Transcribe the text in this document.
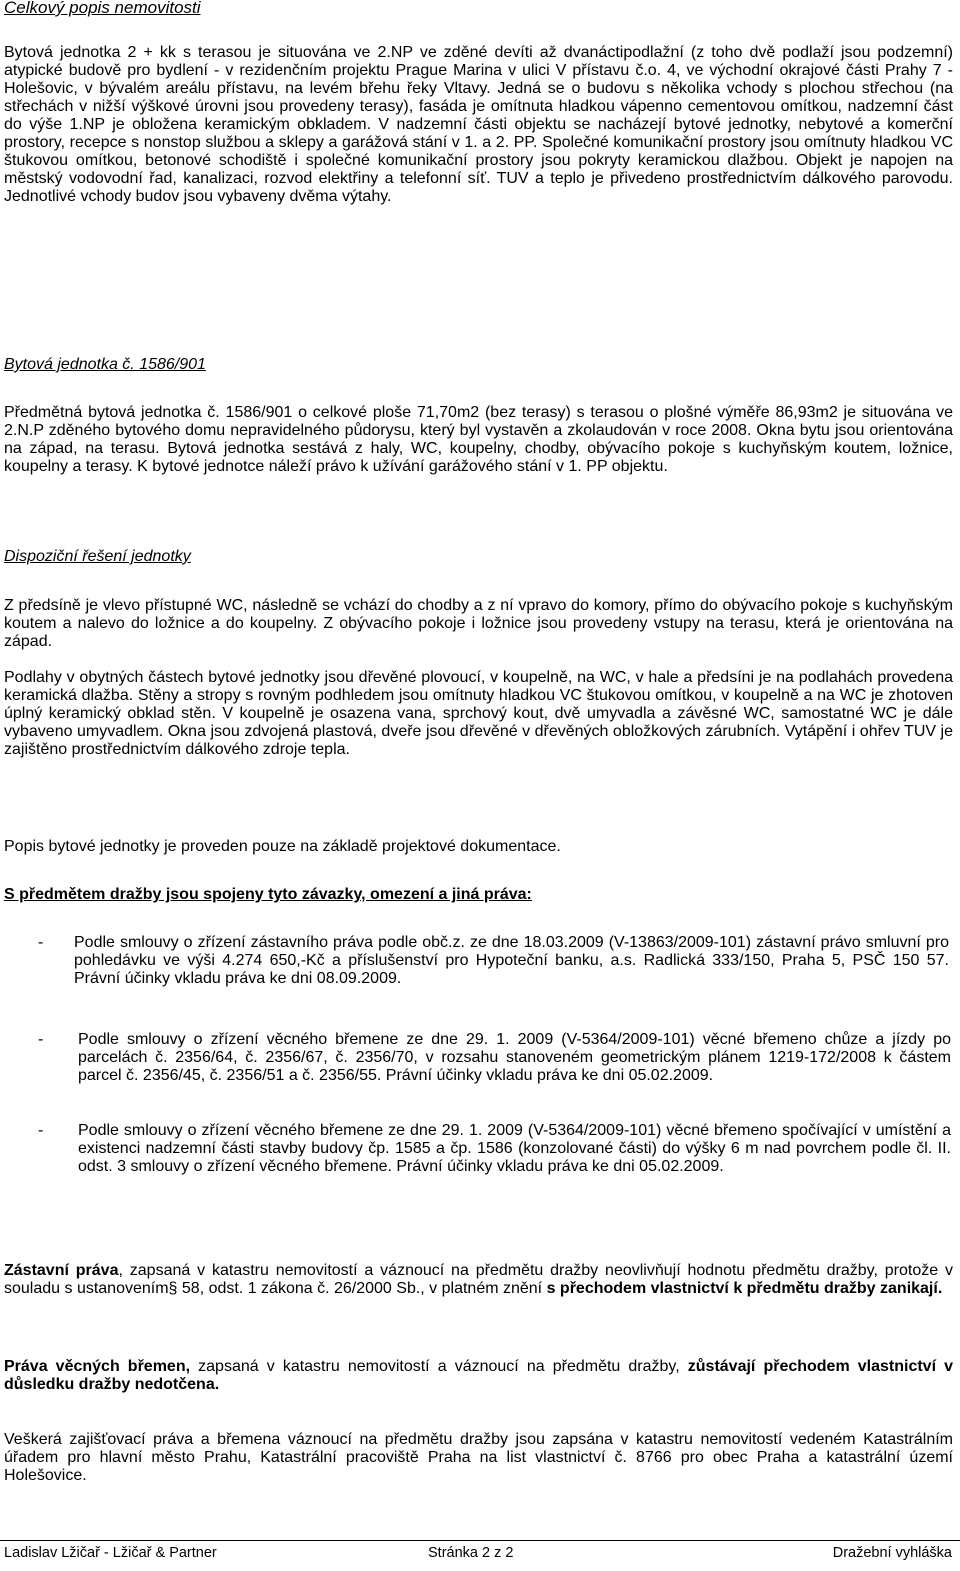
Celkový popis nemovitosti
Bytová jednotka 2 + kk s terasou je situována ve 2.NP ve zděné devíti až dvanáctipodlažní (z toho dvě podlaží jsou podzemní) atypické budově pro bydlení - v rezidenčním projektu Prague Marina v ulici V přístavu č.o. 4, ve východní okrajové části Prahy 7 - Holešovic, v bývalém areálu přístavu, na levém břehu řeky Vltavy. Jedná se o budovu s několika vchody s plochou střechou (na střechách v nižší výškové úrovni jsou provedeny terasy), fasáda je omítnuta hladkou vápenno cementovou omítkou, nadzemní část do výše 1.NP je obložena keramickým obkladem. V nadzemní části objektu se nacházejí bytové jednotky, nebytové a komerční prostory, recepce s nonstop službou a sklepy a garážová stání v 1. a 2. PP. Společné komunikační prostory jsou omítnuty hladkou VC štukovou omítkou, betonové schodiště i společné komunikační prostory jsou pokryty keramickou dlažbou. Objekt je napojen na městský vodovodní řad, kanalizaci, rozvod elektřiny a telefonní síť. TUV a teplo je přivedeno prostřednictvím dálkového parovodu. Jednotlivé vchody budov jsou vybaveny dvěma výtahy.
Bytová jednotka č. 1586/901
Předmětná bytová jednotka č. 1586/901 o celkové ploše 71,70m2 (bez terasy) s terasou o plošné výměře 86,93m2 je situována ve 2.N.P zděného bytového domu nepravidelného půdorysu, který byl vystavěn a zkolaudován v roce 2008. Okna bytu jsou orientována na západ, na terasu. Bytová jednotka sestává z haly, WC, koupelny, chodby, obývacího pokoje s kuchyňským koutem, ložnice, koupelny a terasy. K bytové jednotce náleží právo k užívání garážového stání v 1. PP objektu.
Dispoziční řešení jednotky
Z předsíně je vlevo přístupné WC, následně se vchází do chodby a z ní vpravo do komory, přímo do obývacího pokoje s kuchyňským koutem a nalevo do ložnice a do koupelny. Z obývacího pokoje i ložnice jsou provedeny vstupy na terasu, která je orientována na západ.
Podlahy v obytných částech bytové jednotky jsou dřevěné plovoucí, v koupelně, na WC, v hale a předsíni je na podlahách provedena keramická dlažba. Stěny a stropy s rovným podhledem jsou omítnuty hladkou VC štukovou omítkou, v koupelně a na WC je zhotoven úplný keramický obklad stěn. V koupelně je osazena vana, sprchový kout, dvě umyvadla a závěsné WC, samostatné WC je dále vybaveno umyvadlem. Okna jsou zdvojená plastová, dveře jsou dřevěné v dřevěných obložkových zárubních. Vytápění i ohřev TUV je zajištěno prostřednictvím dálkového zdroje tepla.
Popis bytové jednotky je proveden pouze na základě projektové dokumentace.
S předmětem dražby jsou spojeny tyto závazky, omezení a jiná práva:
-	Podle smlouvy o zřízení zástavního práva podle obč.z. ze dne 18.03.2009 (V-13863/2009-101) zástavní právo smluvní pro pohledávku ve výši 4.274 650,-Kč a příslušenství pro Hypoteční banku, a.s. Radlická 333/150, Praha 5, PSČ 150 57. Právní účinky vkladu práva ke dni 08.09.2009.
- Podle smlouvy o zřízení věcného břemene ze dne 29. 1. 2009 (V-5364/2009-101) věcné břemeno chůze a jízdy po parcelách č. 2356/64, č. 2356/67, č. 2356/70, v rozsahu stanoveném geometrickým plánem 1219-172/2008 k částem parcel č. 2356/45, č. 2356/51 a č. 2356/55. Právní účinky vkladu práva ke dni 05.02.2009.
- Podle smlouvy o zřízení věcného břemene ze dne 29. 1. 2009 (V-5364/2009-101) věcné břemeno spočívající v umístění a existenci nadzemní části stavby budovy čp. 1585 a čp. 1586 (konzolované části) do výšky 6 m nad povrchem podle čl. II. odst. 3 smlouvy o zřízení věcného břemene. Právní účinky vkladu práva ke dni 05.02.2009.
Zástavní práva, zapsaná v katastru nemovitostí a váznoucí na předmětu dražby neovlivňují hodnotu předmětu dražby, protože v souladu s ustanovením§ 58, odst. 1 zákona č. 26/2000 Sb., v platném znění s přechodem vlastnictví k předmětu dražby zanikají.
Práva věcných břemen, zapsaná v katastru nemovitostí a váznoucí na předmětu dražby, zůstávají přechodem vlastnictví v důsledku dražby nedotčena.
Veškerá zajišťovací práva a břemena váznoucí na předmětu dražby jsou zapsána v katastru nemovitostí vedeném Katastrálním úřadem pro hlavní město Prahu, Katastrální pracoviště Praha na list vlastnictví č. 8766 pro obec Praha a katastrální území Holešovice.
Ladislav Lžičař - Lžičař & Partner	Stránka 2 z 2	Dražební vyhláška
